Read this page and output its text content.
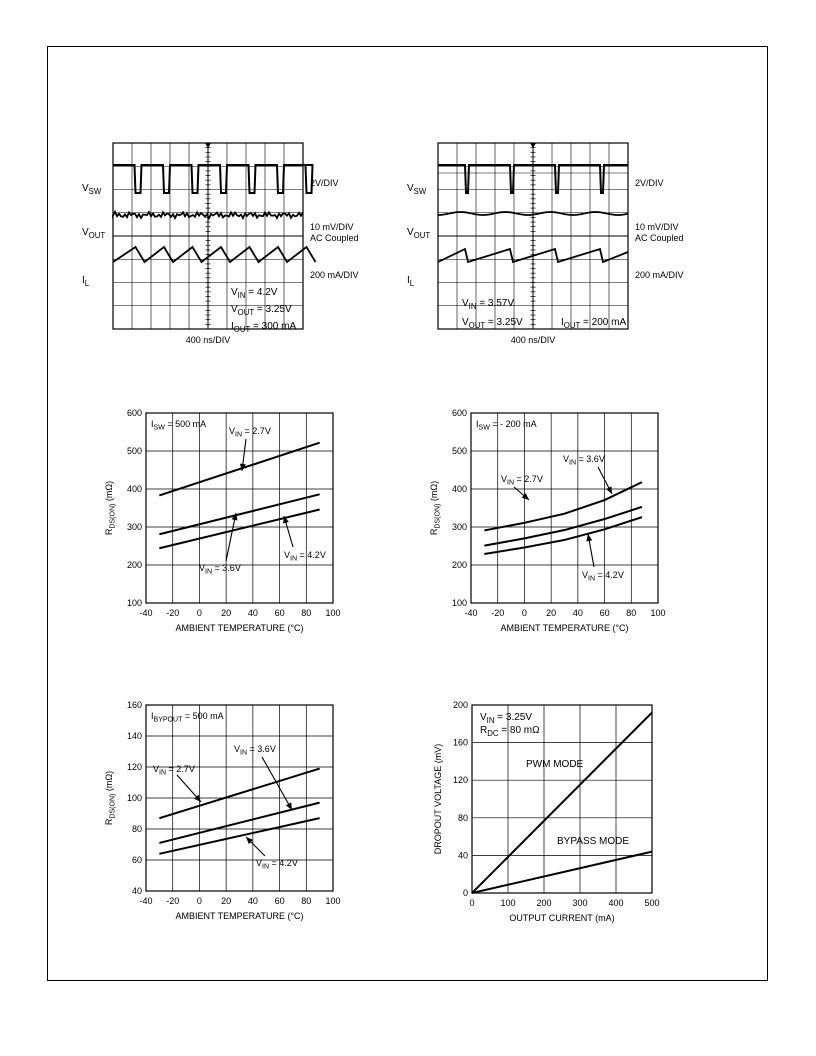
$V_{SW}$
2V/DIV
$V_{OUT}$
10 mV/DIV
AC Coupled
$I_L$
200 mA/DIV
$V_{IN} = 4.2V$
$V_{OUT} = 3.25V$
$I_{OUT} = 300$ mA
400 ns/DIV
$V_{SW}$
2V/DIV
$V_{OUT}$
10 mV/DIV
AC Coupled
$I_L$
200 mA/DIV
$V_{IN} = 3.57V$
$V_{OUT} = 3.25V$	$I_{OUT} = 200$ mA
400 ns/DIV
-40 -20 0 20 40 60 80 100
100
200
300
400
500
600
AMBIENT TEMPERATURE (°C)
$R_{DS(ON)}$ (mΩ)
$I_{SW} = 500$ mA
$V_{IN} = 2.7V$
$V_{IN} = 3.6V$
$V_{IN} = 4.2V$
-40 -20 0 20 40 60 80 100
100
200
300
400
500
600
AMBIENT TEMPERATURE (°C)
$R_{DS(ON)}$ (mΩ)
$I_{SW}$ = - 200 mA
$V_{IN} = 2.7V$
$V_{IN} = 3.6V$
$V_{IN} = 4.2V$
-40 -20 0 20 40 60 80 100
40
60
80
100
120
140
160
AMBIENT TEMPERATURE (°C)
$R_{DS(ON)}$ (mΩ)
$I_{BYPOUT} = 500$ mA
$V_{IN} = 2.7V$
$V_{IN} = 3.6V$
$V_{IN} = 4.2V$
0	100 200 300 400 500
0
40
80
120
160
200
OUTPUT CURRENT (mA)
DROPOUT VOLTAGE (mV)
$V_{IN} = 3.25V$
$R_{DC} = 80$ mΩ
PWM MODE
BYPASS MODE
